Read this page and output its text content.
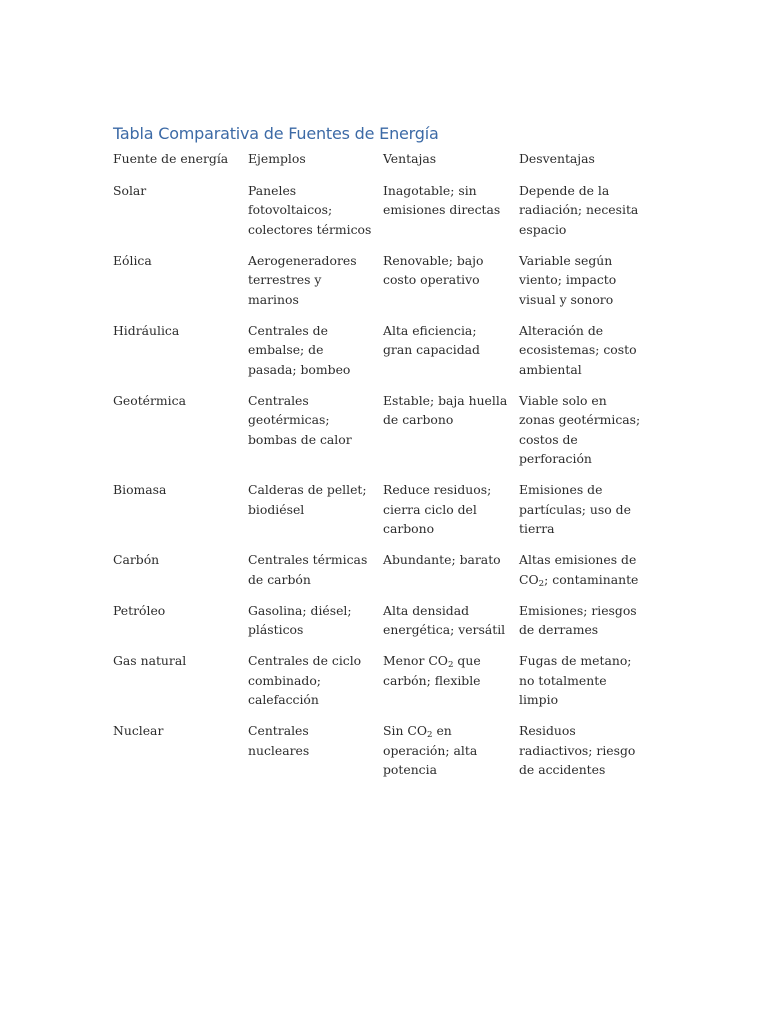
Tabla Comparativa de Fuentes de Energía
Fuente de energía	Ejemplos	Ventajas	Desventajas
Solar	Paneles fotovoltaicos; colectores térmicos	Inagotable; sin emisiones directas	Depende de la radiación; necesita espacio
Eólica	Aerogeneradores terrestres y marinos	Renovable; bajo costo operativo	Variable según viento; impacto visual y sonoro
Hidráulica	Centrales de embalse; de pasada; bombeo	Alta eficiencia; gran capacidad	Alteración de ecosistemas; costo ambiental
Geotérmica	Centrales geotérmicas; bombas de calor	Estable; baja huella de carbono	Viable solo en zonas geotérmicas; costos de perforación
Biomasa	Calderas de pellet; biodiésel	Reduce residuos; cierra ciclo del carbono	Emisiones de partículas; uso de tierra
Carbón	Centrales térmicas de carbón	Abundante; barato	Altas emisiones de $CO_2$; contaminante
Petróleo	Gasolina; diésel; plásticos	Alta densidad energética; versátil	Emisiones; riesgos de derrames
Gas natural	Centrales de ciclo combinado; calefacción	Menor $CO_2$ que carbón; flexible	Fugas de metano; no totalmente limpio
Nuclear	Centrales nucleares	Sin $CO_2$ en operación; alta potencia	Residuos radiactivos; riesgo de accidentes
